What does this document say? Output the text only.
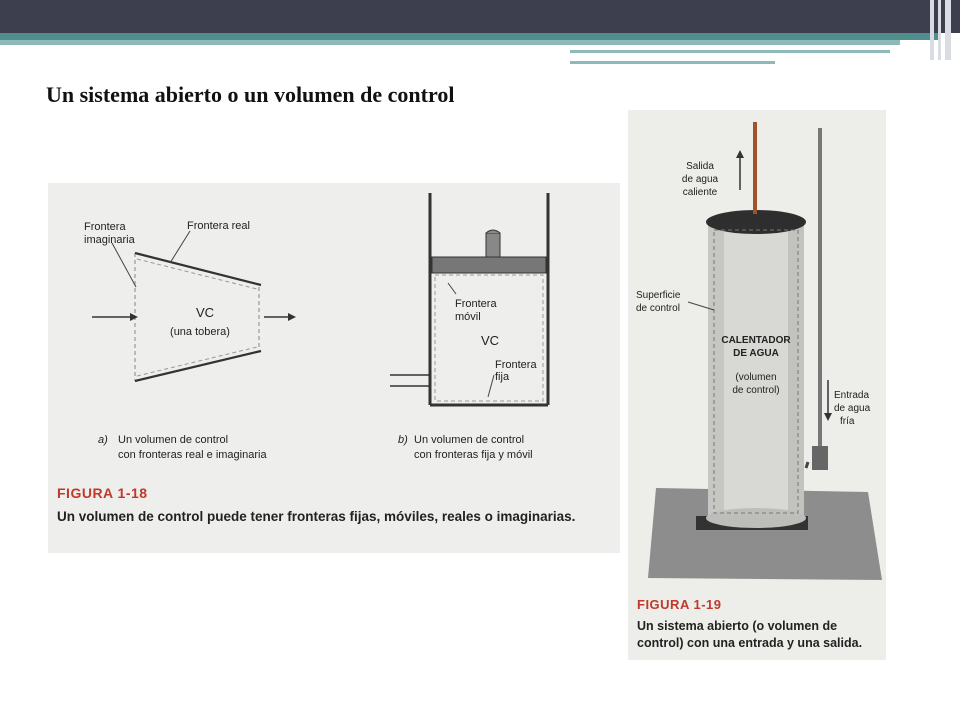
Un sistema abierto o un volumen de control
Frontera
imaginaria
Frontera real
VC
(una tobera)
Frontera
móvil
VC
Frontera
fija
a) Un volumen de control
con fronteras real e imaginaria
b) Un volumen de control
con fronteras fija y móvil

FIGURA 1-18

Un volumen de control puede tener fronteras fijas, móviles, reales o imaginarias.

Salida
de agua
caliente
Superficie
de control
CALENTADOR
DE AGUA
(volumen
de control)	Entrada
de agua
fría

FIGURA 1-19

Un sistema abierto (o volumen de control) con una entrada y una salida.
